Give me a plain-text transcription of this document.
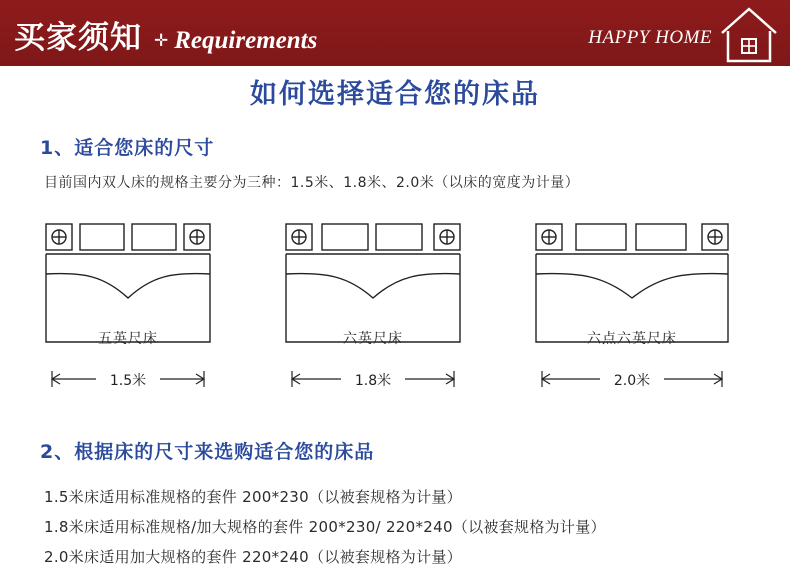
买家须知 ✛ Requirements	HAPPY HOME
如何选择适合您的床品
1、适合您床的尺寸
目前国内双人床的规格主要分为三种：1.5米、1.8米、2.0米（以床的宽度为计量）
五英尺床
1.5米
六英尺床
1.8米
六点六英尺床
2.0米
2、根据床的尺寸来选购适合您的床品
1.5米床适用标准规格的套件 200*230（以被套规格为计量）
1.8米床适用标准规格/加大规格的套件 200*230/ 220*240（以被套规格为计量）
2.0米床适用加大规格的套件 220*240（以被套规格为计量）
